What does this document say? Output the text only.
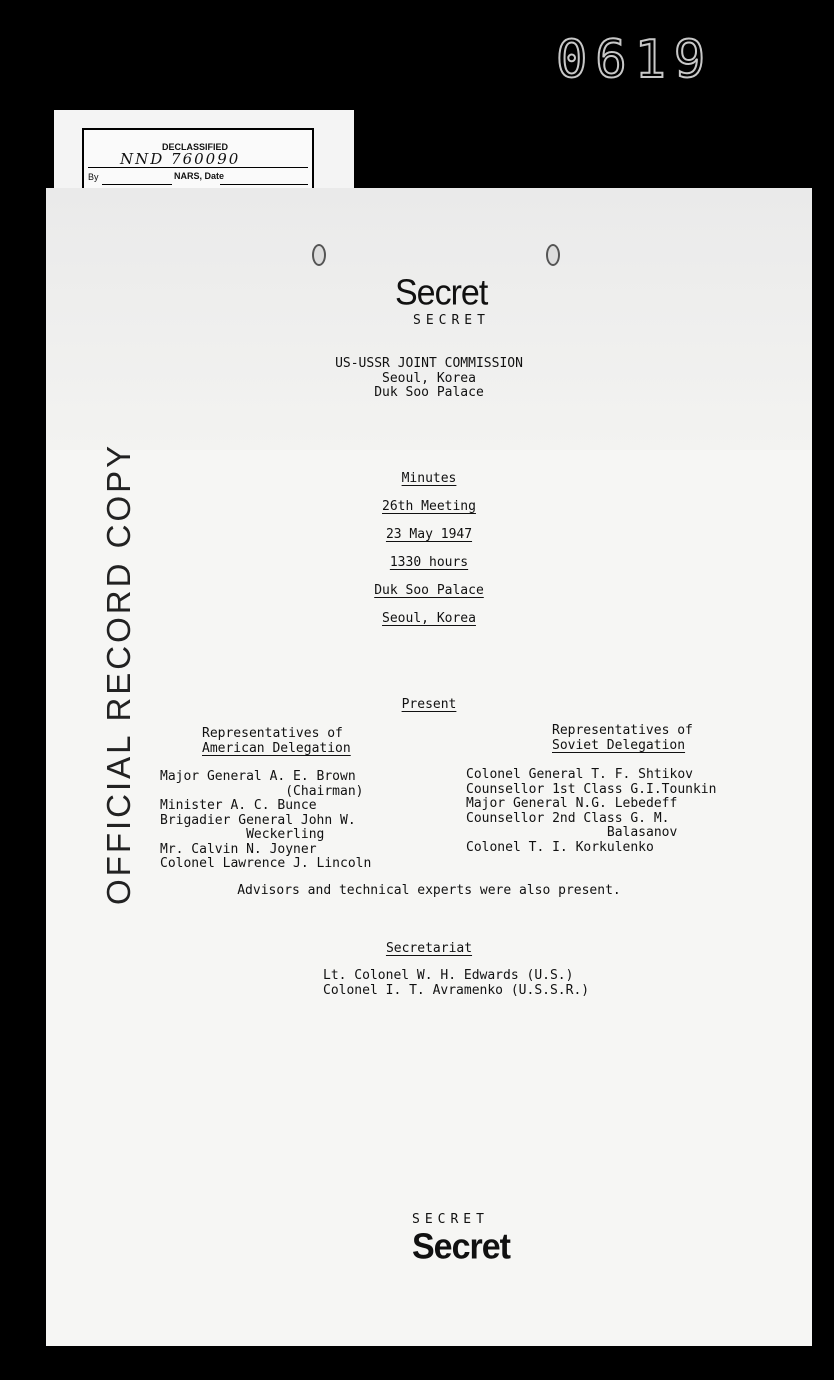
0619
DECLASSIFIED
NND 760090
By	NARS, Date
Secret
SECRET
US-USSR JOINT COMMISSION
Seoul, Korea
Duk Soo Palace
Minutes
26th Meeting
23 May 1947
1330 hours
Duk Soo Palace
Seoul, Korea
Present
Representatives of
American Delegation
Representatives of
Soviet Delegation
Major General A. E. Brown
(Chairman)
Minister A. C. Bunce
Brigadier General John W.
Weckerling
Mr. Calvin N. Joyner
Colonel Lawrence J. Lincoln
Colonel General T. F. Shtikov
Counsellor 1st Class G.I.Tounkin
Major General N.G. Lebedeff
Counsellor 2nd Class G. M.
Balasanov
Colonel T. I. Korkulenko
Advisors and technical experts were also present.
Secretariat
Lt. Colonel W. H. Edwards (U.S.)
Colonel I. T. Avramenko (U.S.S.R.)
SECRET
Secret
OFFICIAL RECORD COPY
